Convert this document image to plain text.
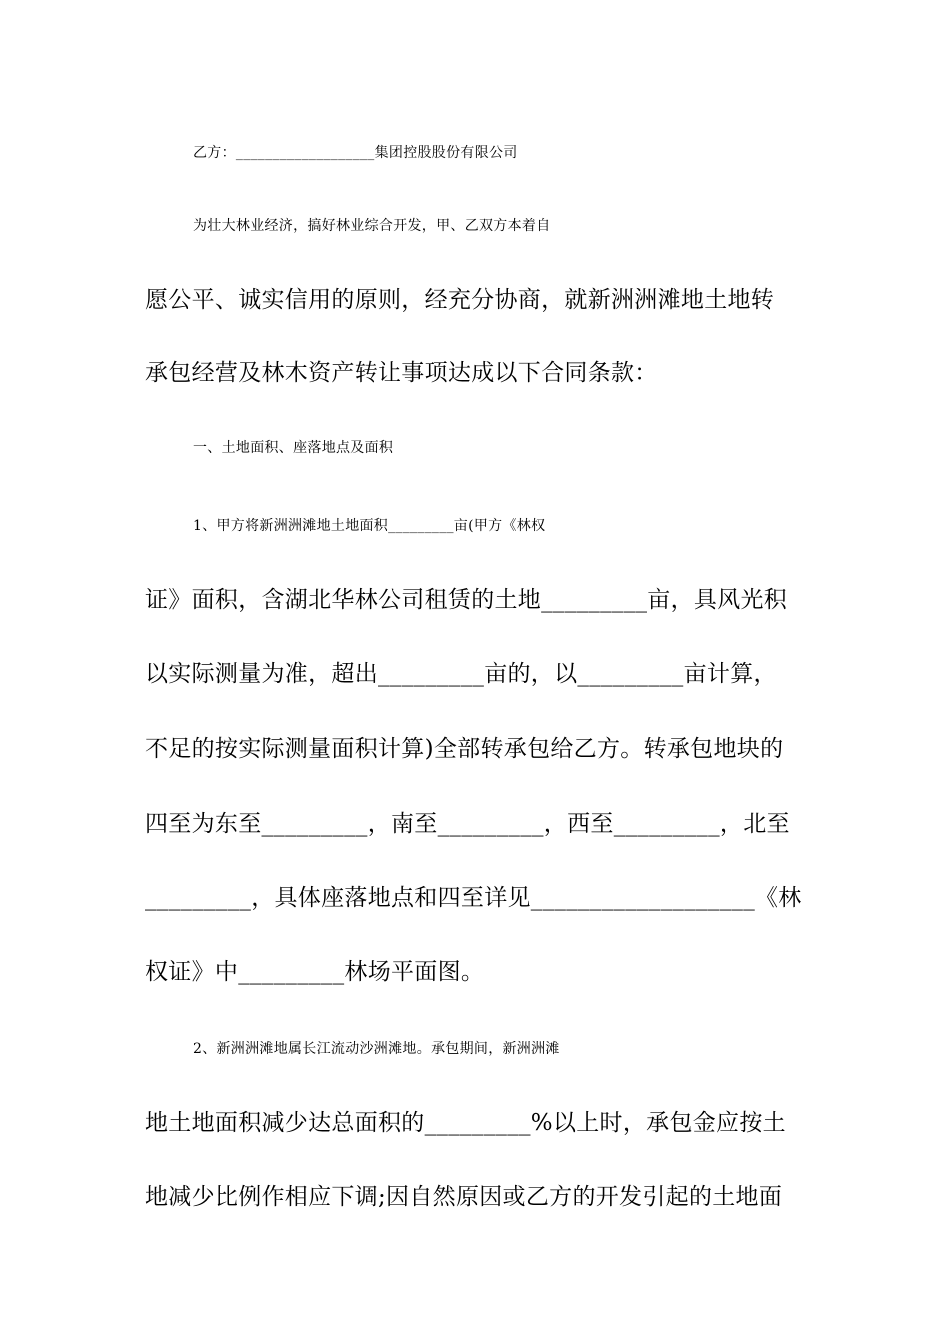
乙方：___________________集团控股股份有限公司
为壮大林业经济，搞好林业综合开发，甲、乙双方本着自
愿公平、诚实信用的原则，经充分协商，就新洲洲滩地土地转
承包经营及林木资产转让事项达成以下合同条款：
一、土地面积、座落地点及面积
1、甲方将新洲洲滩地土地面积_________亩(甲方《林权
证》面积，含湖北华林公司租赁的土地_________亩，具风光积
以实际测量为准，超出_________亩的，以_________亩计算，
不足的按实际测量面积计算)全部转承包给乙方。转承包地块的
四至为东至_________，南至_________，西至_________，北至
_________，具体座落地点和四至详见___________________《林
权证》中_________林场平面图。
2、新洲洲滩地属长江流动沙洲滩地。承包期间，新洲洲滩
地土地面积减少达总面积的_________%以上时，承包金应按土
地减少比例作相应下调;因自然原因或乙方的开发引起的土地面
